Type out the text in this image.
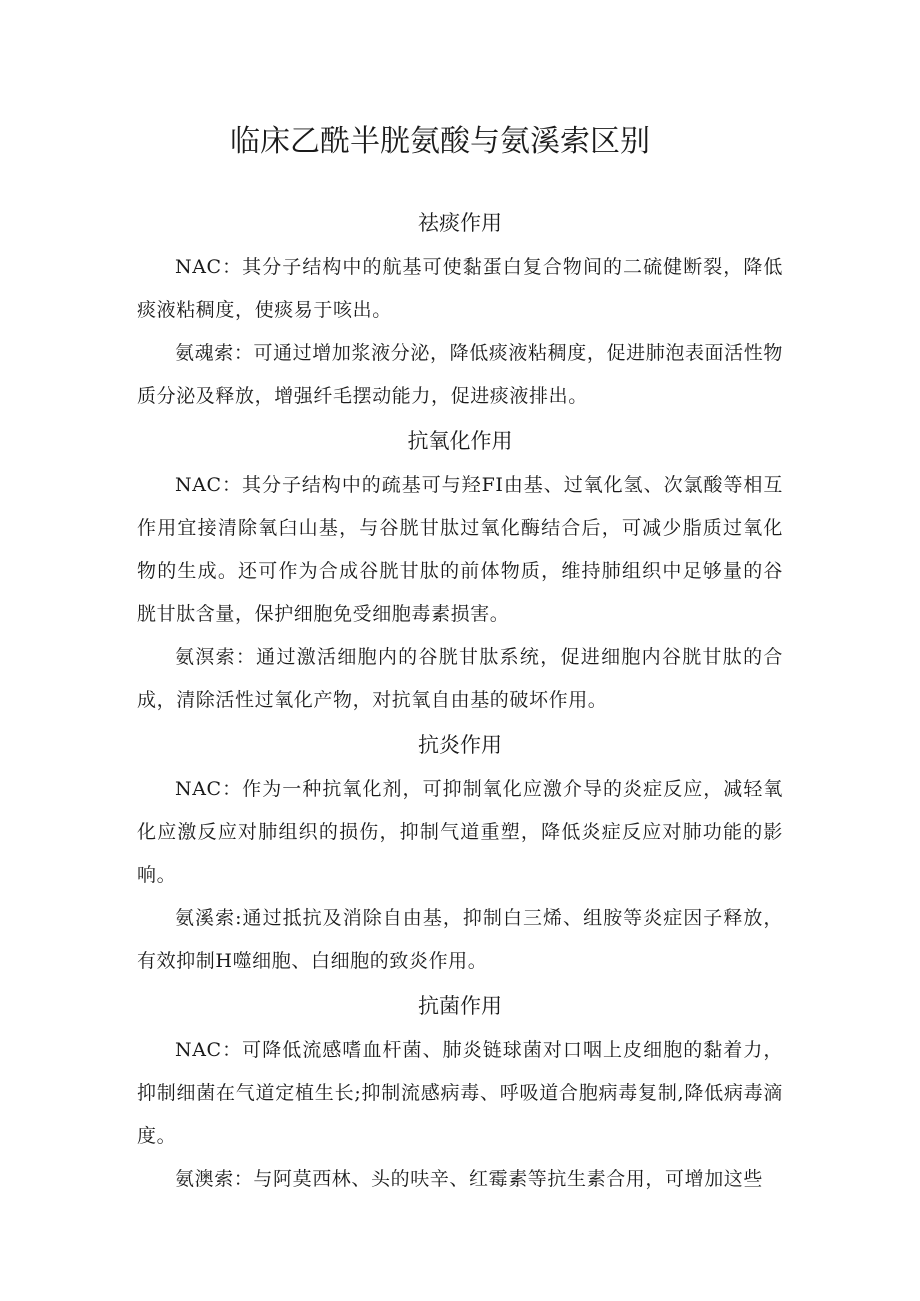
临床乙酰半胱氨酸与氨溪索区别
祛痰作用

NAC：其分子结构中的航基可使黏蛋白复合物间的二硫健断裂，降低痰液粘稠度，使痰易于咳出。

氨魂索：可通过增加浆液分泌，降低痰液粘稠度，促进肺泡表面活性物质分泌及释放，增强纤毛摆动能力，促进痰液排出。

抗氧化作用

NAC：其分子结构中的疏基可与羟FI由基、过氧化氢、次氯酸等相互作用宜接清除氧臼山基，与谷胱甘肽过氧化酶结合后，可减少脂质过氧化物的生成。还可作为合成谷胱甘肽的前体物质，维持肺组织中足够量的谷胱甘肽含量，保护细胞免受细胞毒素损害。

氨溟索：通过激活细胞内的谷胱甘肽系统，促进细胞内谷胱甘肽的合成，清除活性过氧化产物，对抗氧自由基的破坏作用。

抗炎作用

NAC：作为一种抗氧化剂，可抑制氧化应激介导的炎症反应，减轻氧化应激反应对肺组织的损伤，抑制气道重塑，降低炎症反应对肺功能的影响。

氨溪索:通过抵抗及消除自由基，抑制白三烯、组胺等炎症因子释放，有效抑制H噬细胞、白细胞的致炎作用。

抗菌作用

NAC：可降低流感嗜血杆菌、肺炎链球菌对口咽上皮细胞的黏着力，抑制细菌在气道定植生长;抑制流感病毒、呼吸道合胞病毒复制,降低病毒滴度。

氨澳索：与阿莫西林、头的呋辛、红霉素等抗生素合用，可增加这些
